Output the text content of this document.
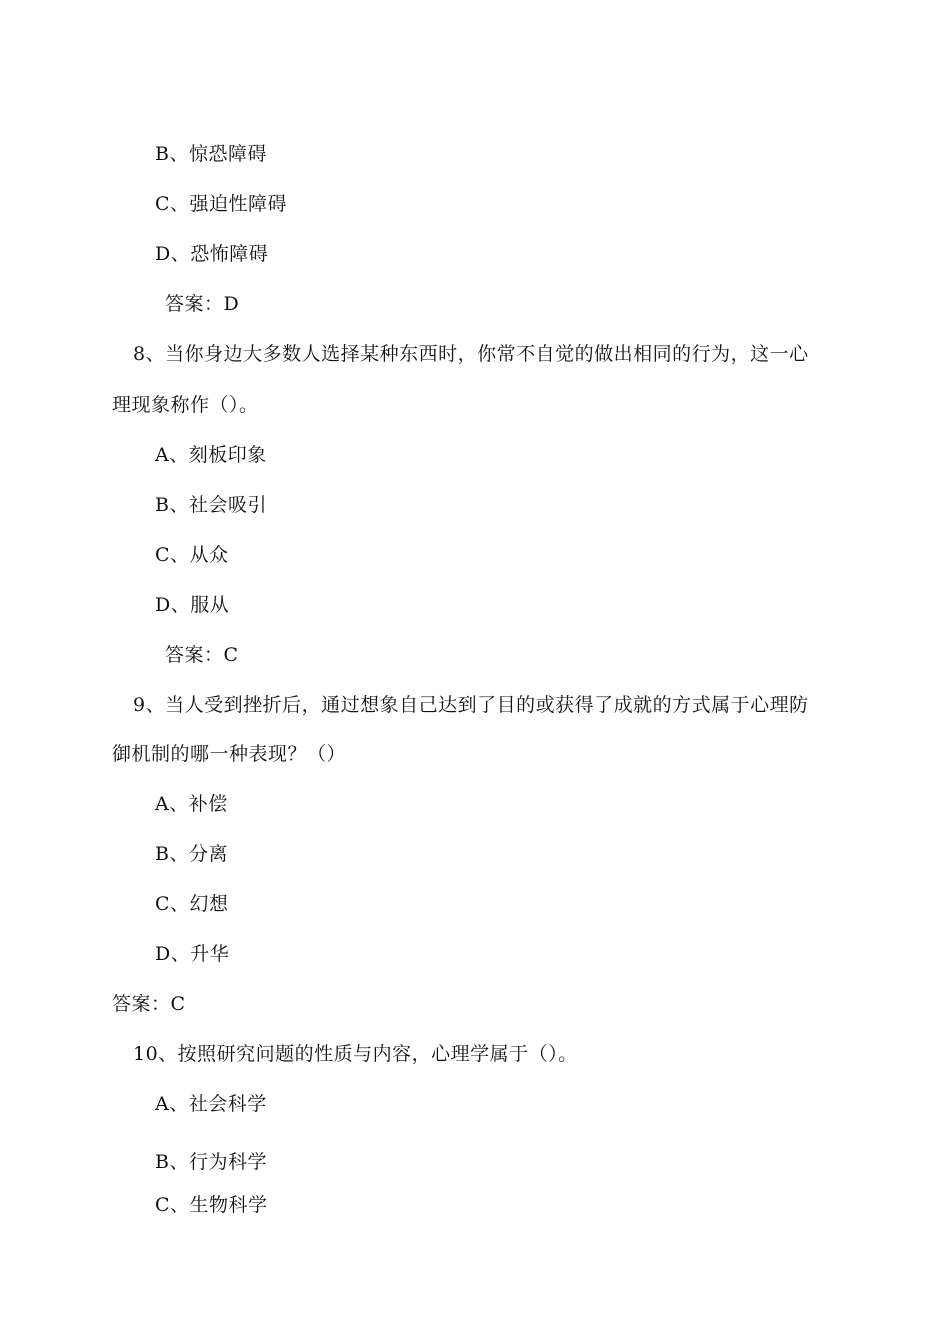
B、惊恐障碍
C、强迫性障碍
D、恐怖障碍
答案：D
8、当你身边大多数人选择某种东西时，你常不自觉的做出相同的行为，这一心
理现象称作（）。
A、刻板印象
B、社会吸引
C、从众
D、服从
答案：C
9、当人受到挫折后，通过想象自己达到了目的或获得了成就的方式属于心理防
御机制的哪一种表现？（）
A、补偿
B、分离
C、幻想
D、升华
答案：C
10、按照研究问题的性质与内容，心理学属于（）。
A、社会科学
B、行为科学
C、生物科学
